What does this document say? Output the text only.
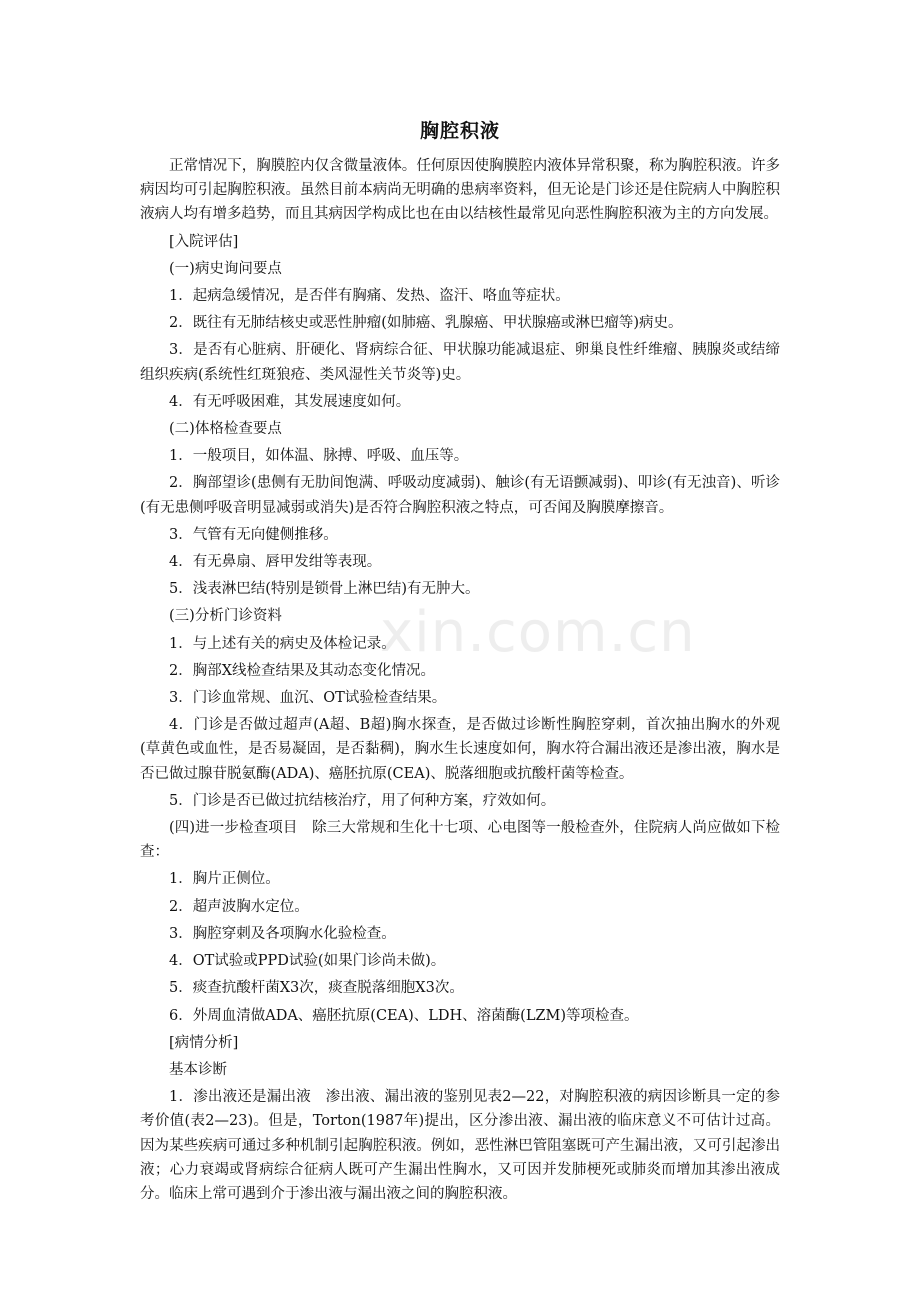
xin.com.cn
胸腔积液

正常情况下，胸膜腔内仅含微量液体。任何原因使胸膜腔内液体异常积聚，称为胸腔积液。许多病因均可引起胸腔积液。虽然目前本病尚无明确的患病率资料，但无论是门诊还是住院病人中胸腔积液病人均有增多趋势，而且其病因学构成比也在由以结核性最常见向恶性胸腔积液为主的方向发展。

[入院评估]

(一)病史询问要点

1．起病急缓情况，是否伴有胸痛、发热、盗汗、咯血等症状。

2．既往有无肺结核史或恶性肿瘤(如肺癌、乳腺癌、甲状腺癌或淋巴瘤等)病史。

3．是否有心脏病、肝硬化、肾病综合征、甲状腺功能减退症、卵巢良性纤维瘤、胰腺炎或结缔组织疾病(系统性红斑狼疮、类风湿性关节炎等)史。

4．有无呼吸困难，其发展速度如何。

(二)体格检查要点

1．一般项目，如体温、脉搏、呼吸、血压等。

2．胸部望诊(患侧有无肋间饱满、呼吸动度减弱)、触诊(有无语颤减弱)、叩诊(有无浊音)、听诊(有无患侧呼吸音明显减弱或消失)是否符合胸腔积液之特点，可否闻及胸膜摩擦音。

3．气管有无向健侧推移。

4．有无鼻扇、唇甲发绀等表现。

5．浅表淋巴结(特别是锁骨上淋巴结)有无肿大。

(三)分析门诊资料

1．与上述有关的病史及体检记录。

2．胸部X线检查结果及其动态变化情况。

3．门诊血常规、血沉、OT试验检查结果。

4．门诊是否做过超声(A超、B超)胸水探查，是否做过诊断性胸腔穿刺，首次抽出胸水的外观(草黄色或血性，是否易凝固，是否黏稠)，胸水生长速度如何，胸水符合漏出液还是渗出液，胸水是否已做过腺苷脱氨酶(ADA)、癌胚抗原(CEA)、脱落细胞或抗酸杆菌等检查。

5．门诊是否已做过抗结核治疗，用了何种方案，疗效如何。

(四)进一步检查项目　除三大常规和生化十七项、心电图等一般检查外，住院病人尚应做如下检查：

1．胸片正侧位。

2．超声波胸水定位。

3．胸腔穿刺及各项胸水化验检查。

4．OT试验或PPD试验(如果门诊尚未做)。

5．痰查抗酸杆菌X3次，痰查脱落细胞X3次。

6．外周血清做ADA、癌胚抗原(CEA)、LDH、溶菌酶(LZM)等项检查。

[病情分析]

基本诊断

1．渗出液还是漏出液　渗出液、漏出液的鉴别见表2—22，对胸腔积液的病因诊断具一定的参考价值(表2—23)。但是，Torton(1987年)提出，区分渗出液、漏出液的临床意义不可估计过高。因为某些疾病可通过多种机制引起胸腔积液。例如，恶性淋巴管阻塞既可产生漏出液，又可引起渗出液；心力衰竭或肾病综合征病人既可产生漏出性胸水，又可因并发肺梗死或肺炎而增加其渗出液成分。临床上常可遇到介于渗出液与漏出液之间的胸腔积液。
